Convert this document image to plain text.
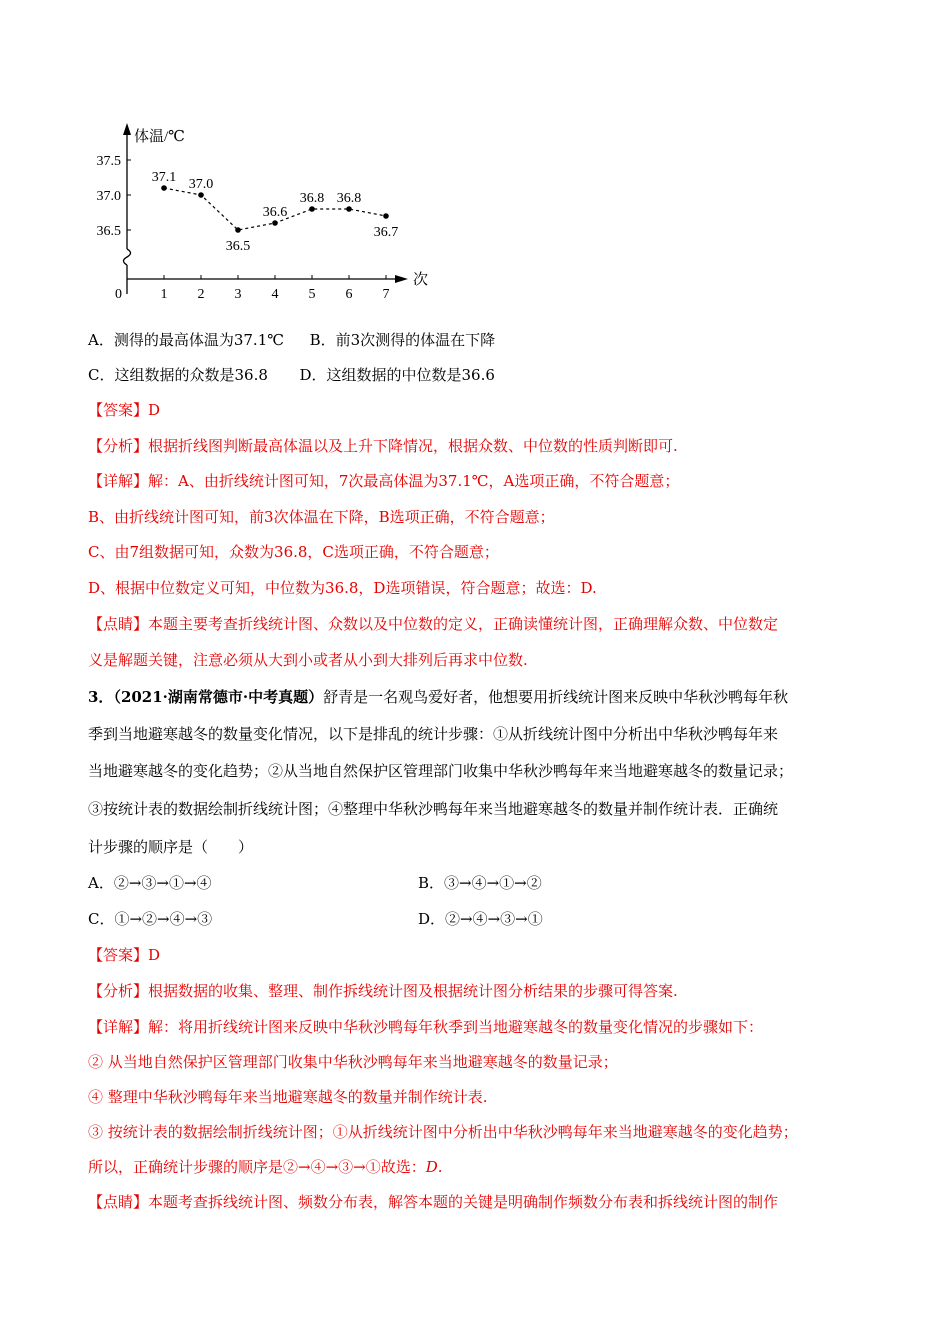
体温/℃
次
0	1 2 3 4 5 6 7
37.5
37.0
36.5
37.1 37.0
36.5
36.6
36.8 36.8
36.7
A．测得的最高体温为37.1℃ B．前3次测得的体温在下降
C．这组数据的众数是36.8 D．这组数据的中位数是36.6
【答案】D
【分析】根据折线图判断最高体温以及上升下降情况，根据众数、中位数的性质判断即可.
【详解】解：A、由折线统计图可知，7次最高体温为37.1℃，A选项正确，不符合题意；
B、由折线统计图可知，前3次体温在下降，B选项正确，不符合题意；
C、由7组数据可知，众数为36.8，C选项正确，不符合题意；
D、根据中位数定义可知，中位数为36.8，D选项错误，符合题意；故选：D.
【点睛】本题主要考查折线统计图、众数以及中位数的定义，正确读懂统计图，正确理解众数、中位数定
义是解题关键，注意必须从大到小或者从小到大排列后再求中位数.
3．（2021·湖南常德市·中考真题）舒青是一名观鸟爱好者，他想要用折线统计图来反映中华秋沙鸭每年秋
季到当地避寒越冬的数量变化情况，以下是排乱的统计步骤：①从折线统计图中分析出中华秋沙鸭每年来
当地避寒越冬的变化趋势；②从当地自然保护区管理部门收集中华秋沙鸭每年来当地避寒越冬的数量记录；
③按统计表的数据绘制折线统计图；④整理中华秋沙鸭每年来当地避寒越冬的数量并制作统计表．正确统
计步骤的顺序是（　　）
A．②→③→①→④	B．③→④→①→②
C．①→②→④→③	D．②→④→③→①
【答案】D
【分析】根据数据的收集、整理、制作拆线统计图及根据统计图分析结果的步骤可得答案.
【详解】解：将用折线统计图来反映中华秋沙鸭每年秋季到当地避寒越冬的数量变化情况的步骤如下：
② 从当地自然保护区管理部门收集中华秋沙鸭每年来当地避寒越冬的数量记录；
④ 整理中华秋沙鸭每年来当地避寒越冬的数量并制作统计表.
③ 按统计表的数据绘制折线统计图；①从折线统计图中分析出中华秋沙鸭每年来当地避寒越冬的变化趋势；
所以，正确统计步骤的顺序是②→④→③→①故选：D.
【点睛】本题考查拆线统计图、频数分布表，解答本题的关键是明确制作频数分布表和拆线统计图的制作
